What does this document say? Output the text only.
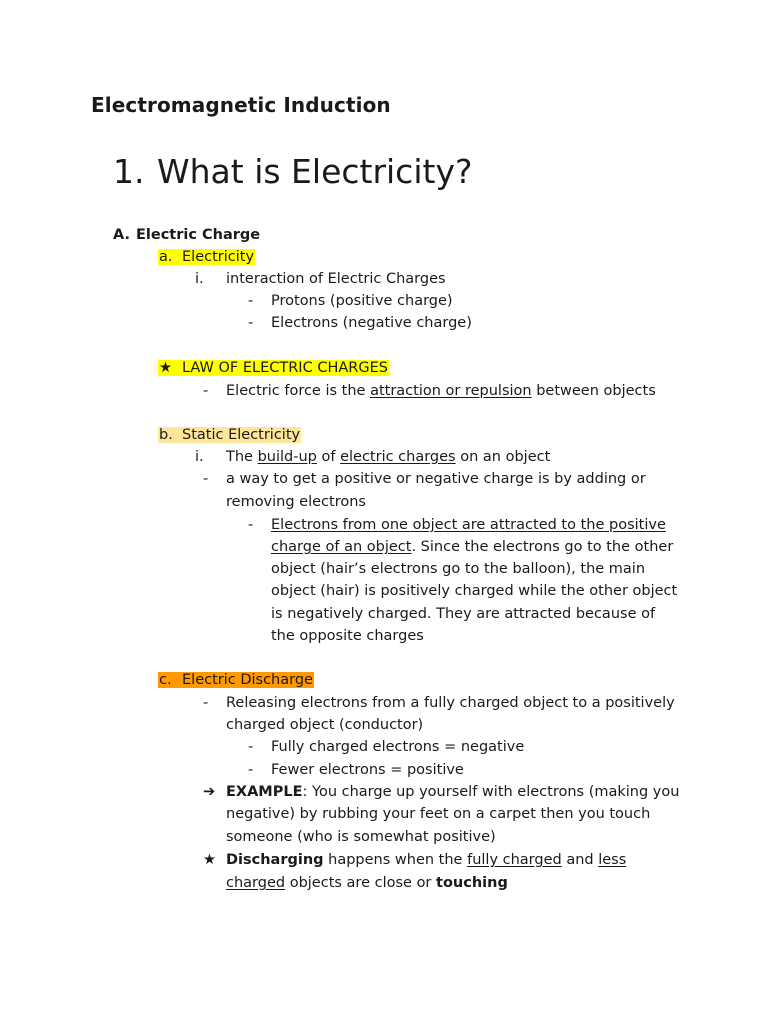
Electromagnetic Induction
1. What is Electricity?
A. Electric Charge
a. Electricity
i. interaction of Electric Charges
- Protons (positive charge)
- Electrons (negative charge)
★ LAW OF ELECTRIC CHARGES
- Electric force is the attraction or repulsion between objects
b. Static Electricity
i. The build-up of electric charges on an object
- a way to get a positive or negative charge is by adding or
removing electrons
- Electrons from one object are attracted to the positive
charge of an object. Since the electrons go to the other
object (hair’s electrons go to the balloon), the main
object (hair) is positively charged while the other object
is negatively charged. They are attracted because of
the opposite charges
c. Electric Discharge
- Releasing electrons from a fully charged object to a positively
charged object (conductor)
- Fully charged electrons = negative
- Fewer electrons = positive
➔ EXAMPLE: You charge up yourself with electrons (making you
negative) by rubbing your feet on a carpet then you touch
someone (who is somewhat positive)
★ Discharging happens when the fully charged and less
charged objects are close or touching
